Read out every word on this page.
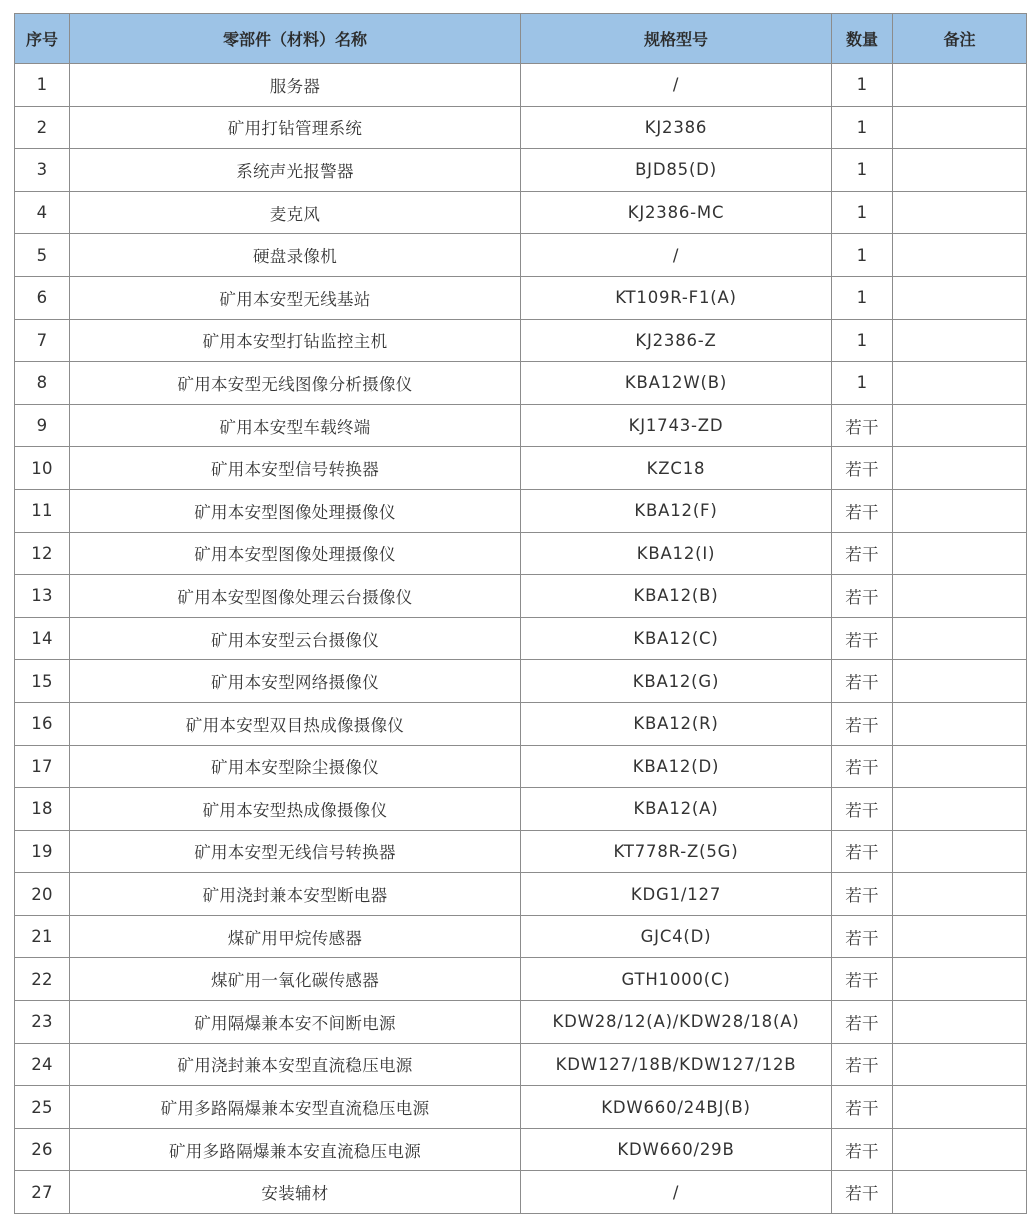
序号	零部件（材料）名称	规格型号	数量	备注
1	服务器	/	1	
2	矿用打钻管理系统	KJ2386	1	
3	系统声光报警器	BJD85(D)	1	
4	麦克风	KJ2386-MC	1	
5	硬盘录像机	/	1	
6	矿用本安型无线基站	KT109R-F1(A)	1	
7	矿用本安型打钻监控主机	KJ2386-Z	1	
8	矿用本安型无线图像分析摄像仪	KBA12W(B)	1	
9	矿用本安型车载终端	KJ1743-ZD	若干	
10	矿用本安型信号转换器	KZC18	若干	
11	矿用本安型图像处理摄像仪	KBA12(F)	若干	
12	矿用本安型图像处理摄像仪	KBA12(I)	若干	
13	矿用本安型图像处理云台摄像仪	KBA12(B)	若干	
14	矿用本安型云台摄像仪	KBA12(C)	若干	
15	矿用本安型网络摄像仪	KBA12(G)	若干	
16	矿用本安型双目热成像摄像仪	KBA12(R)	若干	
17	矿用本安型除尘摄像仪	KBA12(D)	若干	
18	矿用本安型热成像摄像仪	KBA12(A)	若干	
19	矿用本安型无线信号转换器	KT778R-Z(5G)	若干	
20	矿用浇封兼本安型断电器	KDG1/127	若干	
21	煤矿用甲烷传感器	GJC4(D)	若干	
22	煤矿用一氧化碳传感器	GTH1000(C)	若干	
23	矿用隔爆兼本安不间断电源	KDW28/12(A)/KDW28/18(A)	若干	
24	矿用浇封兼本安型直流稳压电源	KDW127/18B/KDW127/12B	若干	
25	矿用多路隔爆兼本安型直流稳压电源	KDW660/24BJ(B)	若干	
26	矿用多路隔爆兼本安直流稳压电源	KDW660/29B	若干	
27	安装辅材	/	若干	
